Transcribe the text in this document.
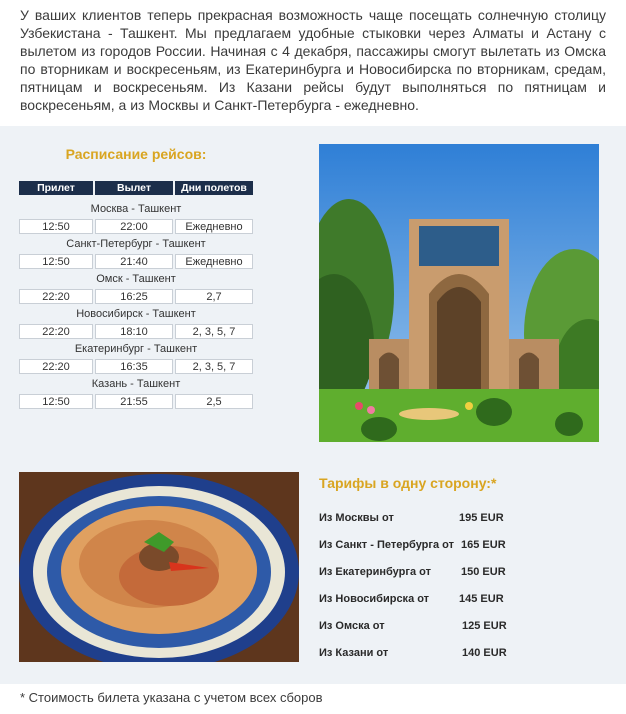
У ваших клиентов теперь прекрасная возможность чаще посещать солнечную столицу Узбекистана - Ташкент. Мы предлагаем удобные стыковки через Алматы и Астану с вылетом из городов России. Начиная с 4 декабря, пассажиры смогут вылетать из Омска по вторникам и воскресеньям, из Екатеринбурга и Новосибирска по вторникам, средам, пятницам и воскресеньям. Из Казани рейсы будут выполняться по пятницам и воскресеньям, а из Москвы и Санкт-Петербурга - ежедневно.

Расписание рейсов:
Прилет	Вылет	Дни полетов
Москва - Ташкент
12:50	22:00	Ежедневно
Санкт-Петербург - Ташкент
12:50	21:40	Ежедневно
Омск - Ташкент
22:20	16:25	2,7
Новосибирск - Ташкент
22:20	18:10	2, 3, 5, 7
Екатеринбург - Ташкент
22:20	16:35	2, 3, 5, 7
Казань - Ташкент
12:50	21:55	2,5
Тарифы в одну сторону:*
Из Москвы от	195 EUR
Из Санкт - Петербурга от 165 EUR
Из Екатеринбурга от	150 EUR
Из Новосибирска от	145 EUR
Из Омска от	125 EUR
Из Казани от	140 EUR
* Стоимость билета указана с учетом всех сборов
